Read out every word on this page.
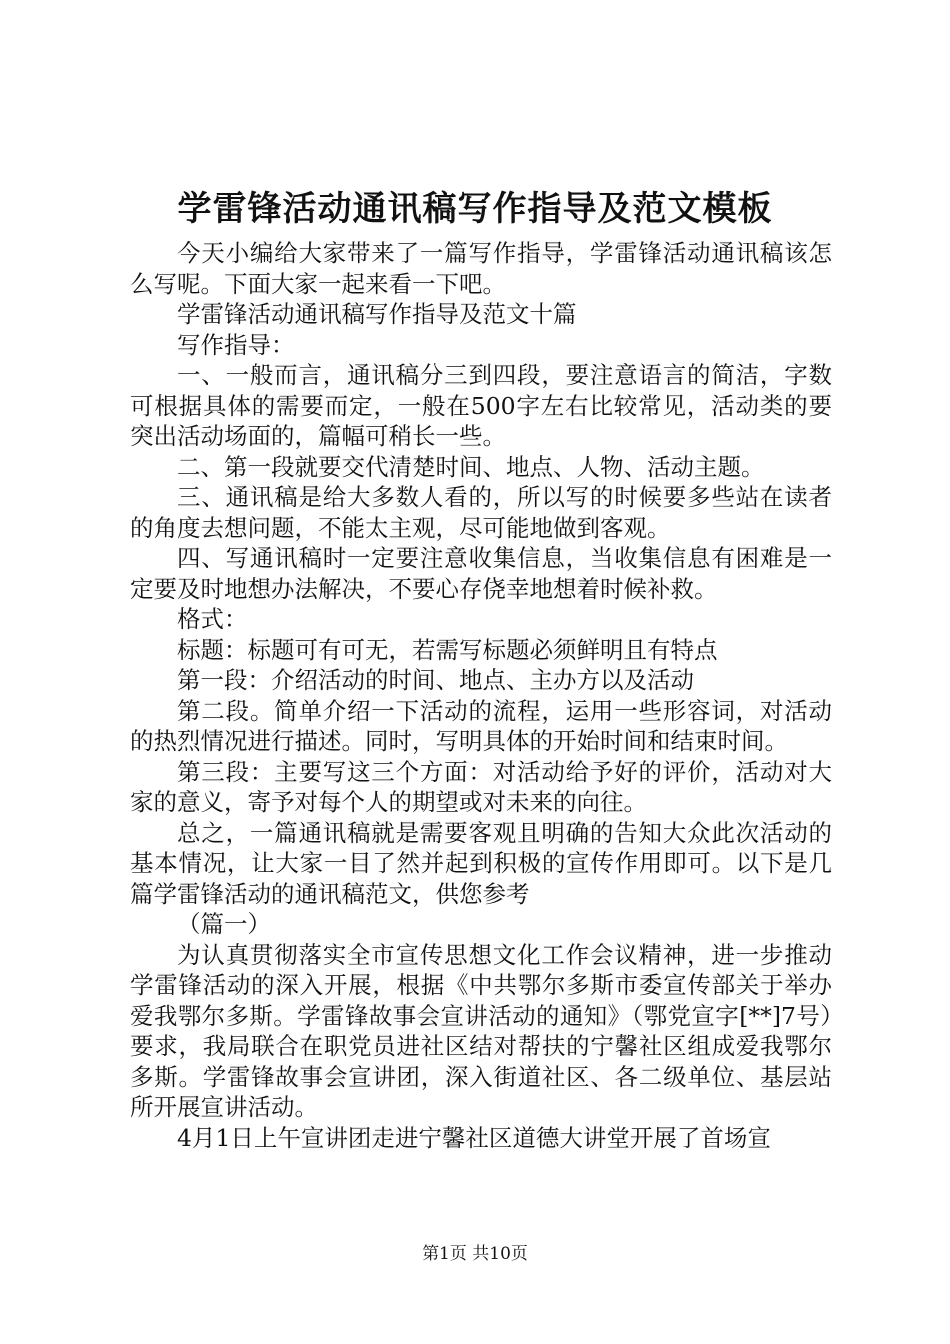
学雷锋活动通讯稿写作指导及范文模板

今天小编给大家带来了一篇写作指导，学雷锋活动通讯稿该怎么写呢。下面大家一起来看一下吧。

学雷锋活动通讯稿写作指导及范文十篇

写作指导：

一、一般而言，通讯稿分三到四段，要注意语言的简洁，字数可根据具体的需要而定，一般在500字左右比较常见，活动类的要突出活动场面的，篇幅可稍长一些。

二、第一段就要交代清楚时间、地点、人物、活动主题。

三、通讯稿是给大多数人看的，所以写的时候要多些站在读者的角度去想问题，不能太主观，尽可能地做到客观。

四、写通讯稿时一定要注意收集信息，当收集信息有困难是一定要及时地想办法解决，不要心存侥幸地想着时候补救。

格式：

标题：标题可有可无，若需写标题必须鲜明且有特点

第一段：介绍活动的时间、地点、主办方以及活动

第二段。简单介绍一下活动的流程，运用一些形容词，对活动的热烈情况进行描述。同时，写明具体的开始时间和结束时间。

第三段：主要写这三个方面：对活动给予好的评价，活动对大家的意义，寄予对每个人的期望或对未来的向往。

总之，一篇通讯稿就是需要客观且明确的告知大众此次活动的基本情况，让大家一目了然并起到积极的宣传作用即可。以下是几篇学雷锋活动的通讯稿范文，供您参考

（篇一）

为认真贯彻落实全市宣传思想文化工作会议精神，进一步推动学雷锋活动的深入开展，根据《中共鄂尔多斯市委宣传部关于举办爱我鄂尔多斯。学雷锋故事会宣讲活动的通知》（鄂党宣字[**]7号）要求，我局联合在职党员进社区结对帮扶的宁馨社区组成爱我鄂尔多斯。学雷锋故事会宣讲团，深入街道社区、各二级单位、基层站所开展宣讲活动。

4月1日上午宣讲团走进宁馨社区道德大讲堂开展了首场宣

第1页 共10页
